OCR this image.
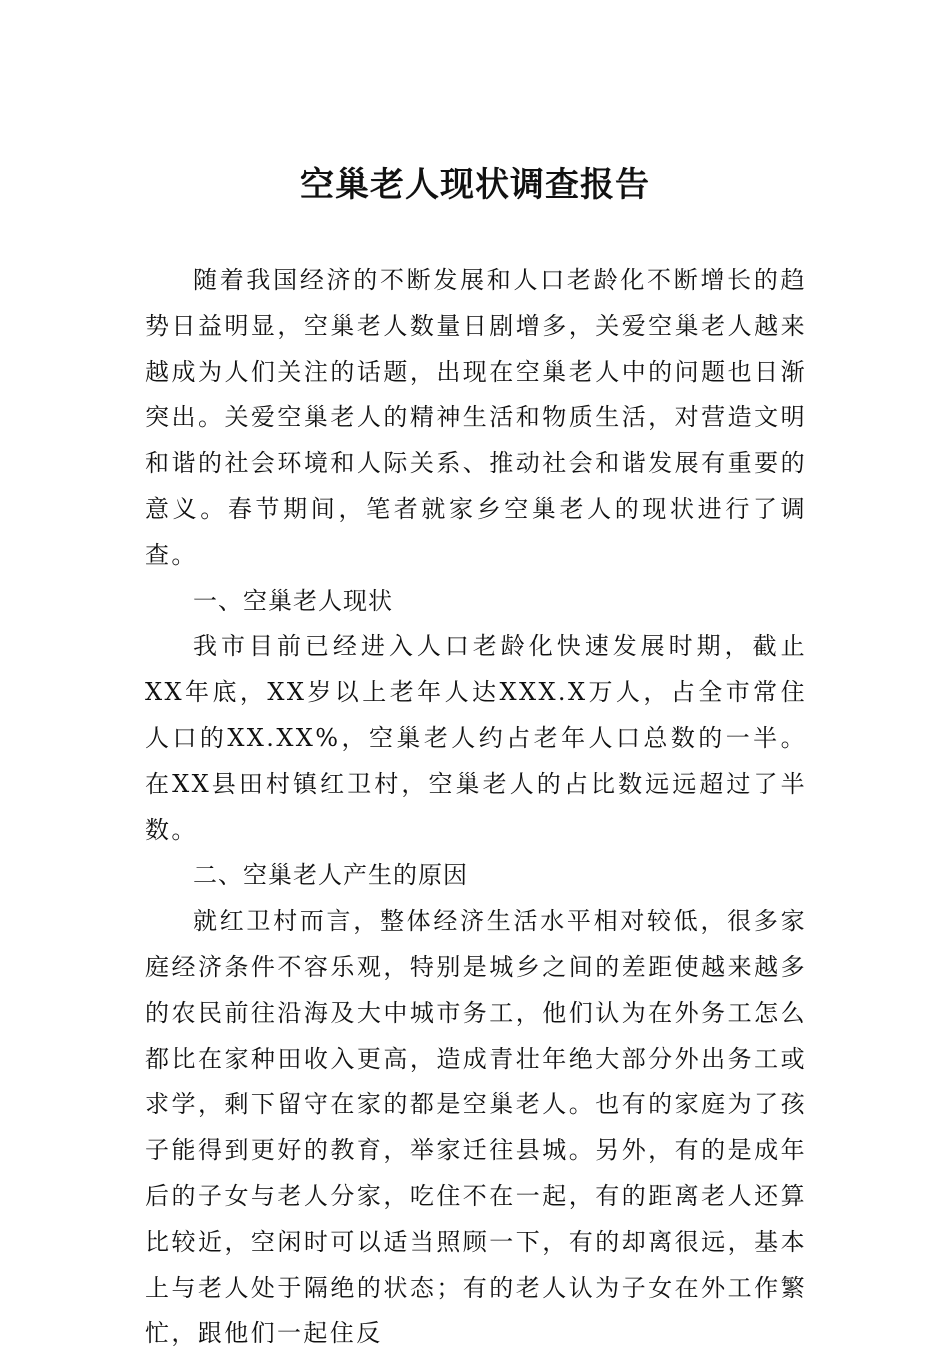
空巢老人现状调查报告

随着我国经济的不断发展和人口老龄化不断增长的趋势日益明显，空巢老人数量日剧增多，关爱空巢老人越来越成为人们关注的话题，出现在空巢老人中的问题也日渐突出。关爱空巢老人的精神生活和物质生活，对营造文明和谐的社会环境和人际关系、推动社会和谐发展有重要的意义。春节期间，笔者就家乡空巢老人的现状进行了调查。

一、空巢老人现状

我市目前已经进入人口老龄化快速发展时期，截止XX年底，XX岁以上老年人达XXX.X万人，占全市常住人口的XX.XX%，空巢老人约占老年人口总数的一半。在XX县田村镇红卫村，空巢老人的占比数远远超过了半数。

二、空巢老人产生的原因

就红卫村而言，整体经济生活水平相对较低，很多家庭经济条件不容乐观，特别是城乡之间的差距使越来越多的农民前往沿海及大中城市务工，他们认为在外务工怎么都比在家种田收入更高，造成青壮年绝大部分外出务工或求学，剩下留守在家的都是空巢老人。也有的家庭为了孩子能得到更好的教育，举家迁往县城。另外，有的是成年后的子女与老人分家，吃住不在一起，有的距离老人还算比较近，空闲时可以适当照顾一下，有的却离很远，基本上与老人处于隔绝的状态；有的老人认为子女在外工作繁忙，跟他们一起住反
